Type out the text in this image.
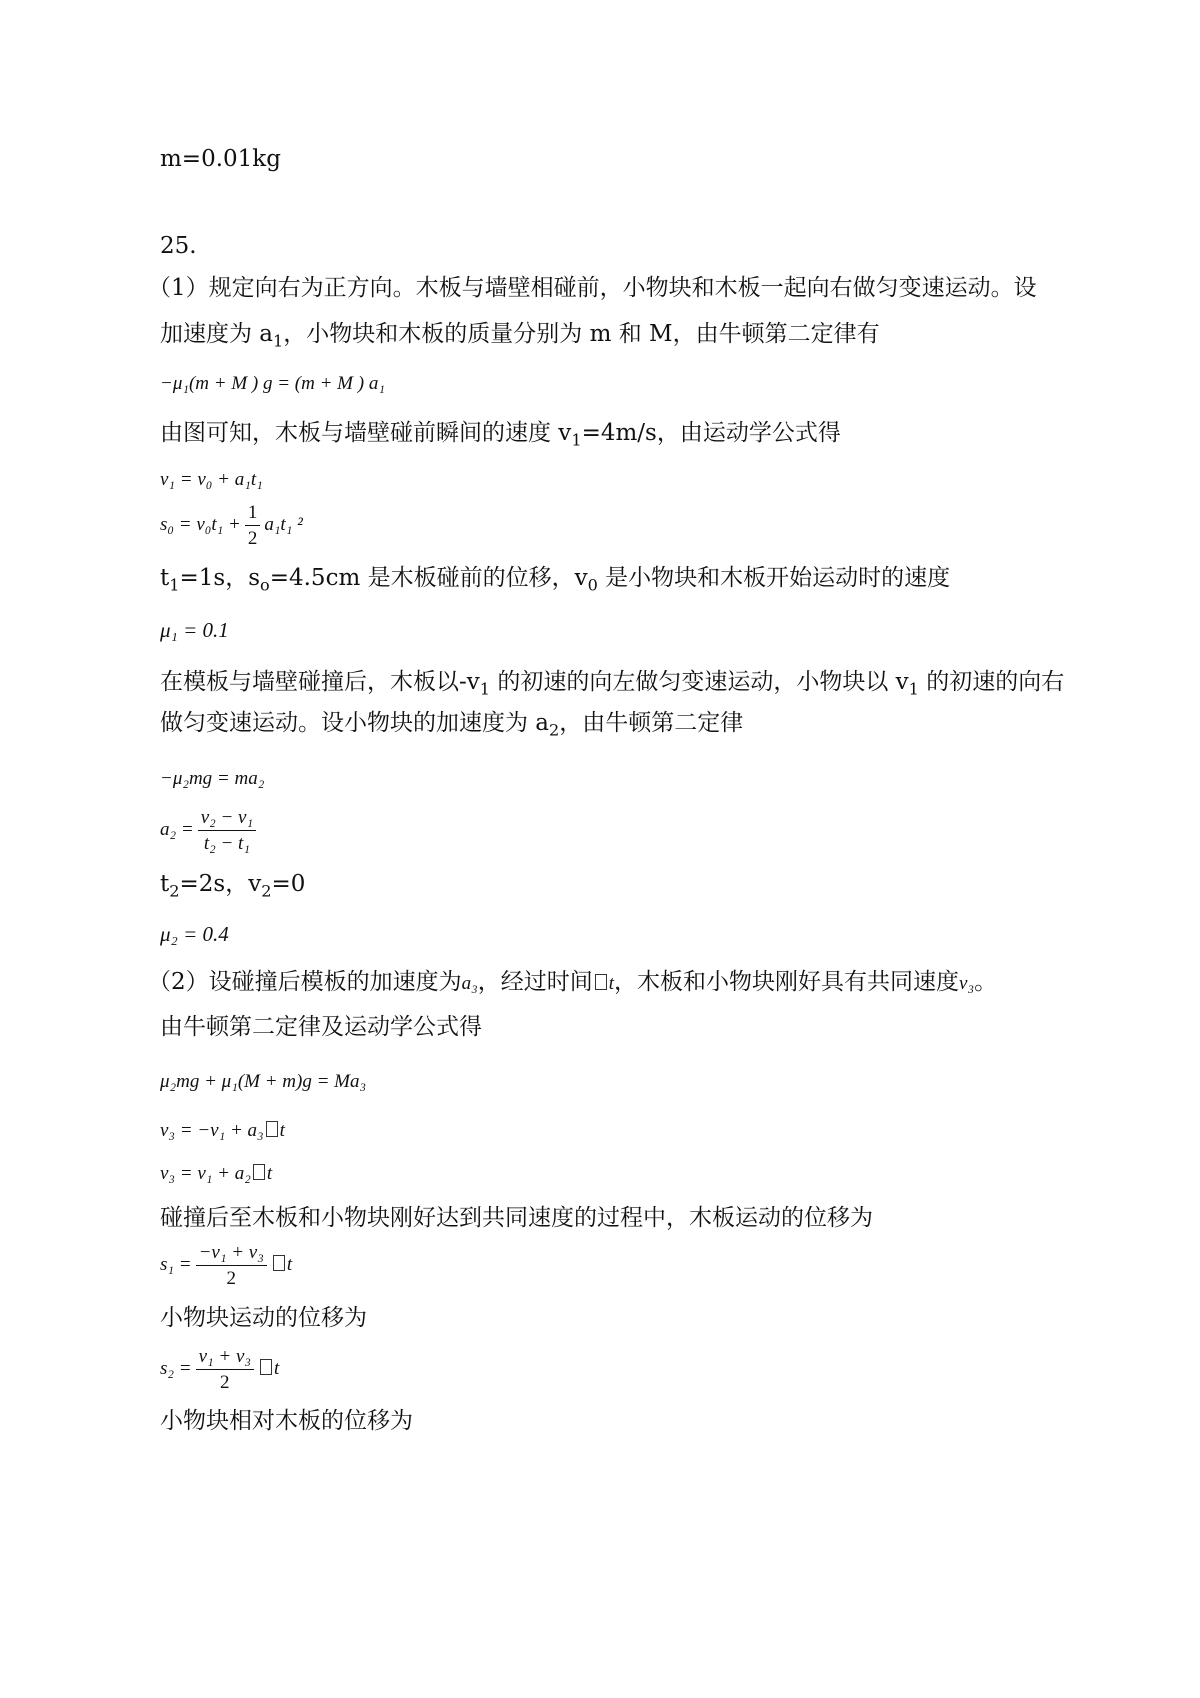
m=0.01kg
25.
（1）规定向右为正方向。木板与墙壁相碰前，小物块和木板一起向右做匀变速运动。设
加速度为 $a_1$，小物块和木板的质量分别为 m 和 M，由牛顿第二定律有
−μ₁(m + M ) g = (m + M ) a₁
由图可知，木板与墙壁碰前瞬间的速度 $v_1=4m/s$，由运动学公式得
v₁ = v₀ + a₁t₁
$s_0 = v_0t_1 + \frac{1}{2} a_1t_1$ ²
$t_1=1s$，$s_o=4.5cm$ 是木板碰前的位移，$v_0$ 是小物块和木板开始运动时的速度
μ₁ = 0.1
在模板与墙壁碰撞后，木板以$-v_1$ 的初速的向左做匀变速运动，小物块以 $v_1$ 的初速的向右
做匀变速运动。设小物块的加速度为 $a_2$，由牛顿第二定律
−μ₂mg = ma₂
$a_2 = \frac{\text{v₂ − v₁}}{\text{t₂ − t₁}}$
$t_2=2s$，$v_2=0$
μ₂ = 0.4
（2）设碰撞后模板的加速度为a₃，经过时间 t，木板和小物块刚好具有共同速度v₃。
由牛顿第二定律及运动学公式得
μ₂mg + μ₁(M + m)g = Ma₃
v₃ = −v₁ + a₃ t
v₃ = v₁ + a₂ t
碰撞后至木板和小物块刚好达到共同速度的过程中，木板运动的位移为
$s_1 = \frac{\text{−v₁ + v₃}}{2}$ t
小物块运动的位移为
$s_2 = \frac{\text{v₁ + v₃}}{2}$ t
小物块相对木板的位移为
